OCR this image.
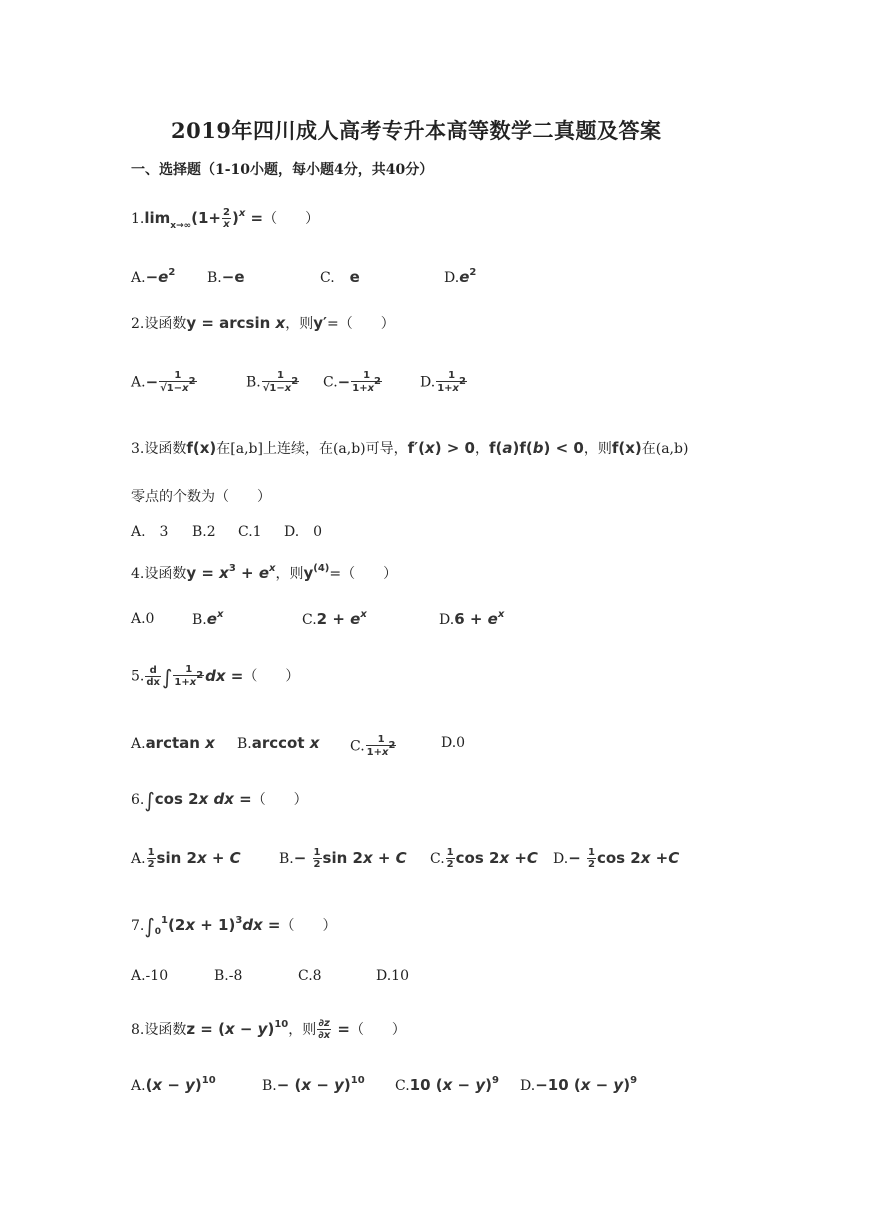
2019年四川成人高考专升本高等数学二真题及答案
一、选择题（1-10小题，每小题4分，共40分）
$1.\lim_{x\to\infty}(1+ \frac{2}{x} )^x$ =（　　）
$A.-e^2$ B.−e	C.　e	$D.e^2$
2.设函数y = arcsin x，则y′=（　　）
$A.- \frac{1}{√1-x^2}$	B. $\frac{1}{√1-x^2} C.- \frac{1}{1+x^2}$	D. $\frac{1}{1+x^2}$
3.设函数f(x)在[a,b]上连续，在(a,b)可导，f′(x) > 0，f(a)f(b) < 0，则f(x)在(a,b)
零点的个数为（　　）
A.　3 B.2 C.1 D.　0
4.设函数$y = x^3 + e^x$，则$y^{(4)}=$（　　）
A.0	$B.e^x$	$C.2 + e^x$	$D.6 + e^x$
5. $\frac{d}{dx}$ ∫ $\frac{1}{1+x^2}$ dx =（　　）
A.arctan x B.arccot x C. $\frac{1}{1+x^2}$	D.0
6.∫cos 2x dx =（　　）
A. $\frac{1}{2}$ sin 2x + C	$B.- \frac{1}{2}$ sin 2x + C C. $\frac{1}{2}$ cos 2x +C $D.- \frac{1}{2}$ cos 2x +C
$7.\int_0^1(2x + 1)^3dx$ =（　　）
A.-10	B.-8	C.8	D.10
8.设函数$z = (x - y)^{10}$，则 $\frac{\partial z}{\partial x}$ =（　　）
$A.(x - y)^{10}$	$B.- (x - y)^{10}$ C.10 $(x - y)^9$ D.−10 $(x - y)^9$
